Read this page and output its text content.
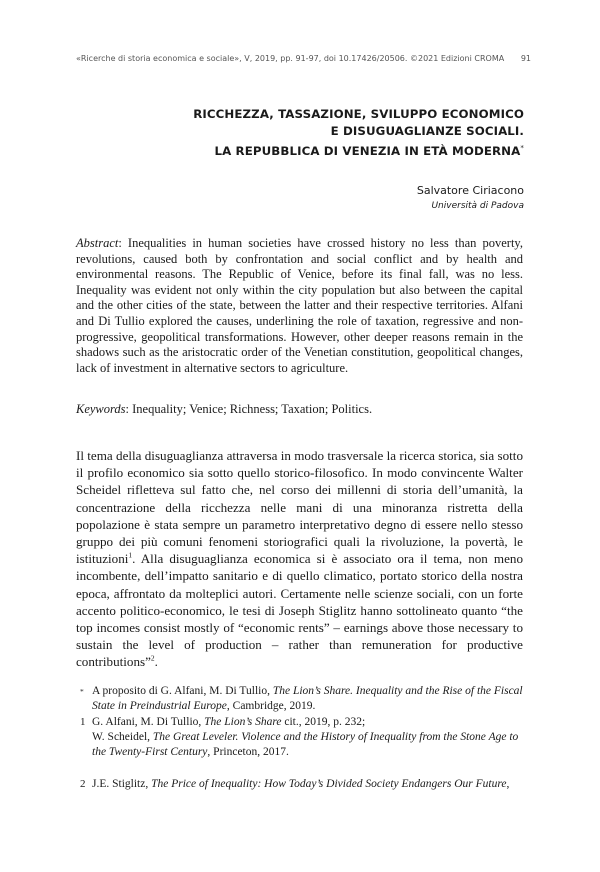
«Ricerche di storia economica e sociale», V, 2019, pp. 91-97, doi 10.17426/20506. ©2021 Edizioni CROMA 91
RICCHEZZA, TASSAZIONE, SVILUPPO ECONOMICO
E DISUGUAGLIANZE SOCIALI.
LA REPUBBLICA DI VENEZIA IN ETÀ MODERNA*
Salvatore Ciriacono
Università di Padova
Abstract: Inequalities in human societies have crossed history no less than poverty, revolutions, caused both by confrontation and social conflict and by health and environmental reasons. The Republic of Venice, before its final fall, was no less. Inequality was evident not only within the city population but also between the capital and the other cities of the state, between the latter and their respective territories. Alfani and Di Tullio explored the causes, underlining the role of taxation, regressive and non-progressive, geopolitical transformations. However, other deeper reasons remain in the shadows such as the aristocratic order of the Venetian constitution, geopolitical changes, lack of investment in alternative sectors to agriculture.
Keywords: Inequality; Venice; Richness; Taxation; Politics.
Il tema della disuguaglianza attraversa in modo trasversale la ricerca storica, sia sotto il profilo economico sia sotto quello storico-filosofico. In modo convincente Walter Scheidel rifletteva sul fatto che, nel corso dei millenni di storia dell’umanità, la concentrazione della ricchezza nelle mani di una minoranza ristretta della popolazione è stata sempre un parametro interpretativo degno di essere nello stesso gruppo dei più comuni fenomeni storiografici quali la rivoluzione, la povertà, le istituzioni$^1$. Alla disuguaglianza economica si è associato ora il tema, non meno incombente, dell’impatto sanitario e di quello climatico, portato storico della nostra epoca, affrontato da molteplici autori. Certamente nelle scienze sociali, con un forte accento politico-economico, le tesi di Joseph Stiglitz hanno sottolineato quanto “the top incomes consist mostly of “economic rents” – earnings above those necessary to sustain the level of production – rather than remuneration for productive contributions”$^2$.
* A proposito di G. Alfani, M. Di Tullio, The Lion’s Share. Inequality and the Rise of the Fiscal State in Preindustrial Europe, Cambridge, 2019.
1 G. Alfani, M. Di Tullio, The Lion’s Share cit., 2019, p. 232;
W. Scheidel, The Great Leveler. Violence and the History of Inequality from the Stone Age to the Twenty-First Century, Princeton, 2017.
2 J.E. Stiglitz, The Price of Inequality: How Today’s Divided Society Endangers Our Future,
